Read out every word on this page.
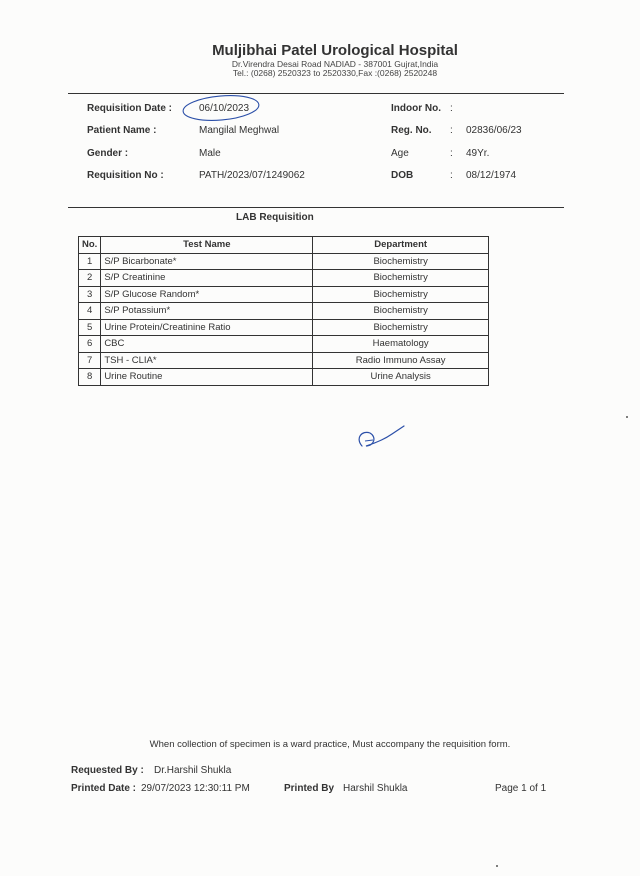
Muljibhai Patel Urological Hospital
Dr.Virendra Desai Road NADIAD - 387001 Gujrat,India
Tel.: (0268) 2520323 to 2520330,Fax :(0268) 2520248
Requisition Date :	06/10/2023
Patient Name :	Mangilal Meghwal
Gender :	Male
Requisition No :	PATH/2023/07/1249062
Indoor No. :
Reg. No. : 02836/06/23
Age	: 49Yr.
DOB	: 08/12/1974
LAB Requisition
No.	Test Name	Department
1	S/P Bicarbonate*	Biochemistry
2	S/P Creatinine	Biochemistry
3	S/P Glucose Random*	Biochemistry
4	S/P Potassium*	Biochemistry
5	Urine Protein/Creatinine Ratio	Biochemistry
6	CBC	Haematology
7	TSH - CLIA*	Radio Immuno Assay
8	Urine Routine	Urine Analysis
When collection of specimen is a ward practice, Must accompany the requisition form.
Requested By : Dr.Harshil Shukla
Printed Date : 29/07/2023 12:30:11 PM	Printed By Harshil Shukla	Page 1 of 1
